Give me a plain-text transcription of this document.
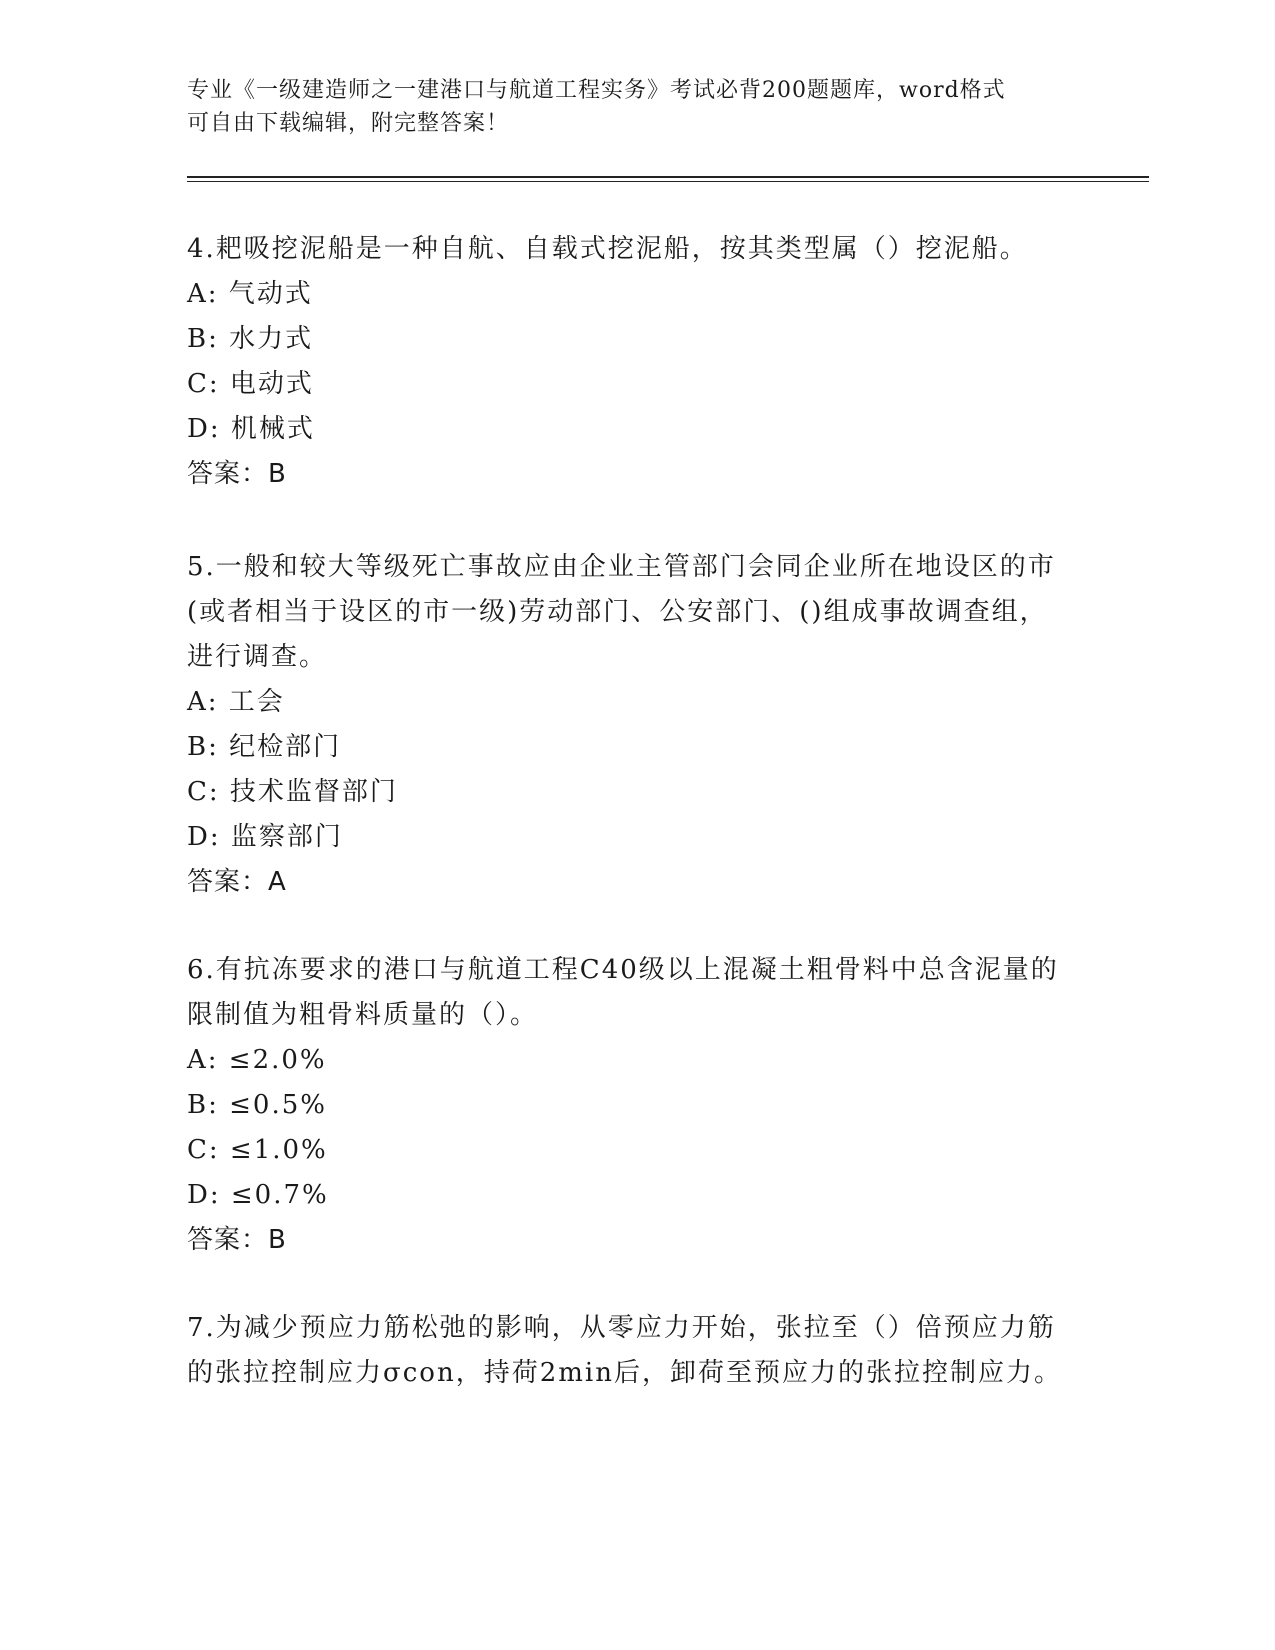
专业《一级建造师之一建港口与航道工程实务》考试必背200题题库，word格式
可自由下载编辑，附完整答案！
4.耙吸挖泥船是一种自航、自载式挖泥船，按其类型属（）挖泥船。
A: 气动式
B: 水力式
C: 电动式
D: 机械式
答案：B
5.一般和较大等级死亡事故应由企业主管部门会同企业所在地设区的市(或者相当于设区的市一级)劳动部门、公安部门、()组成事故调查组，进行调查。
A: 工会
B: 纪检部门
C: 技术监督部门
D: 监察部门
答案：A
6.有抗冻要求的港口与航道工程C40级以上混凝土粗骨料中总含泥量的限制值为粗骨料质量的（）。
A: ≤2.0%
B: ≤0.5%
C: ≤1.0%
D: ≤0.7%
答案：B
7.为减少预应力筋松弛的影响，从零应力开始，张拉至（）倍预应力筋的张拉控制应力σcon，持荷2min后，卸荷至预应力的张拉控制应力。
